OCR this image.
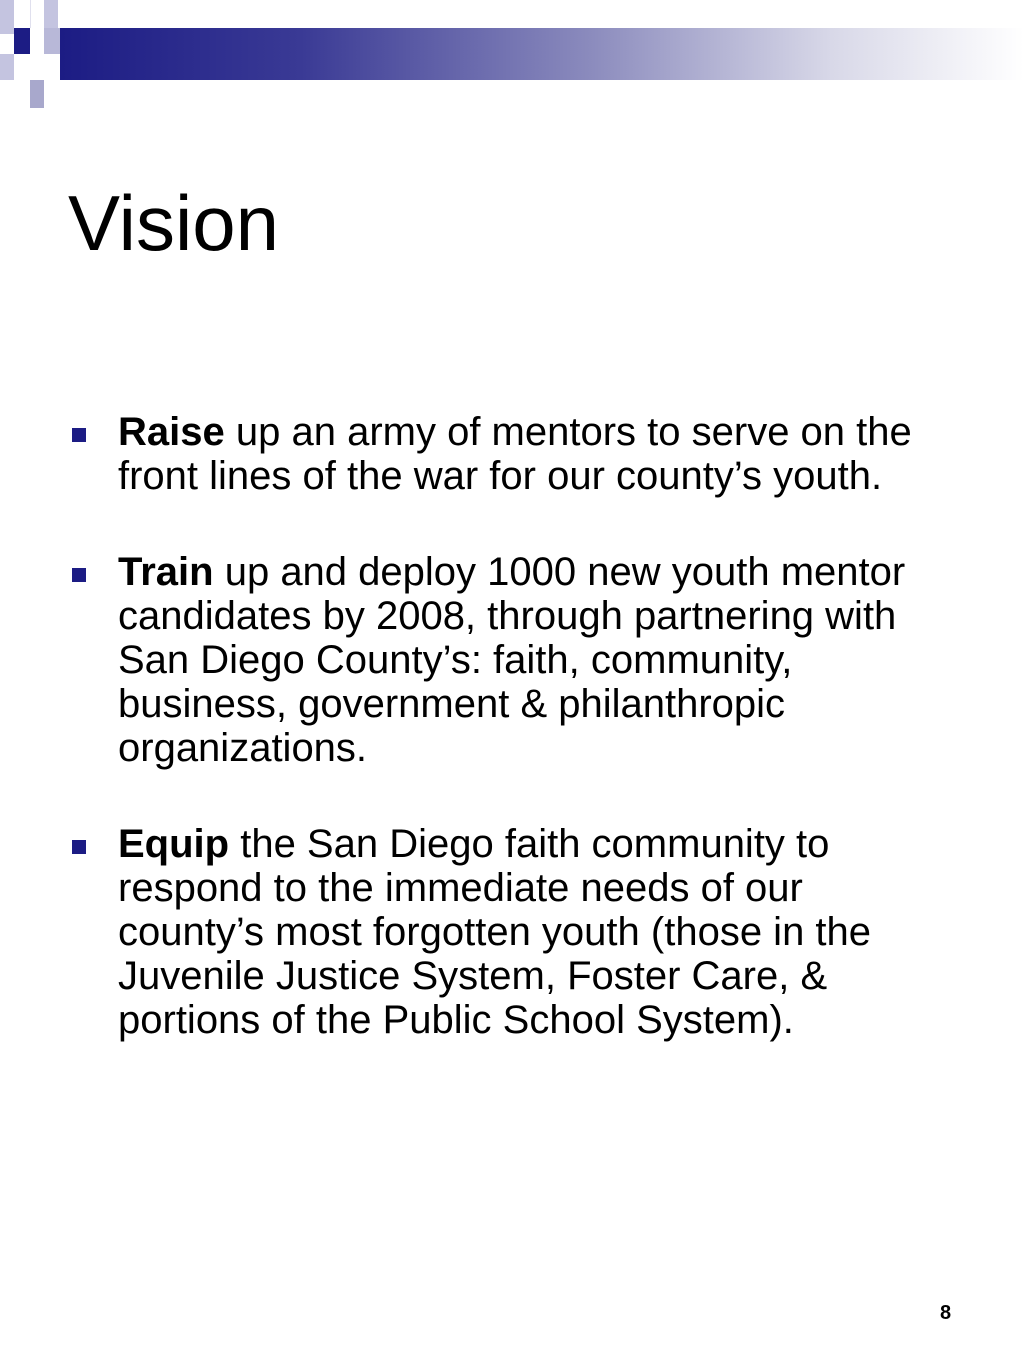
Vision
Raise up an army of mentors to serve on the front lines of the war for our county’s youth.
Train up and deploy 1000 new youth mentor candidates by 2008, through partnering with San Diego County’s: faith, community, business, government & philanthropic organizations.
Equip the San Diego faith community to respond to the immediate needs of our county’s most forgotten youth (those in the Juvenile Justice System, Foster Care, & portions of the Public School System).
8
